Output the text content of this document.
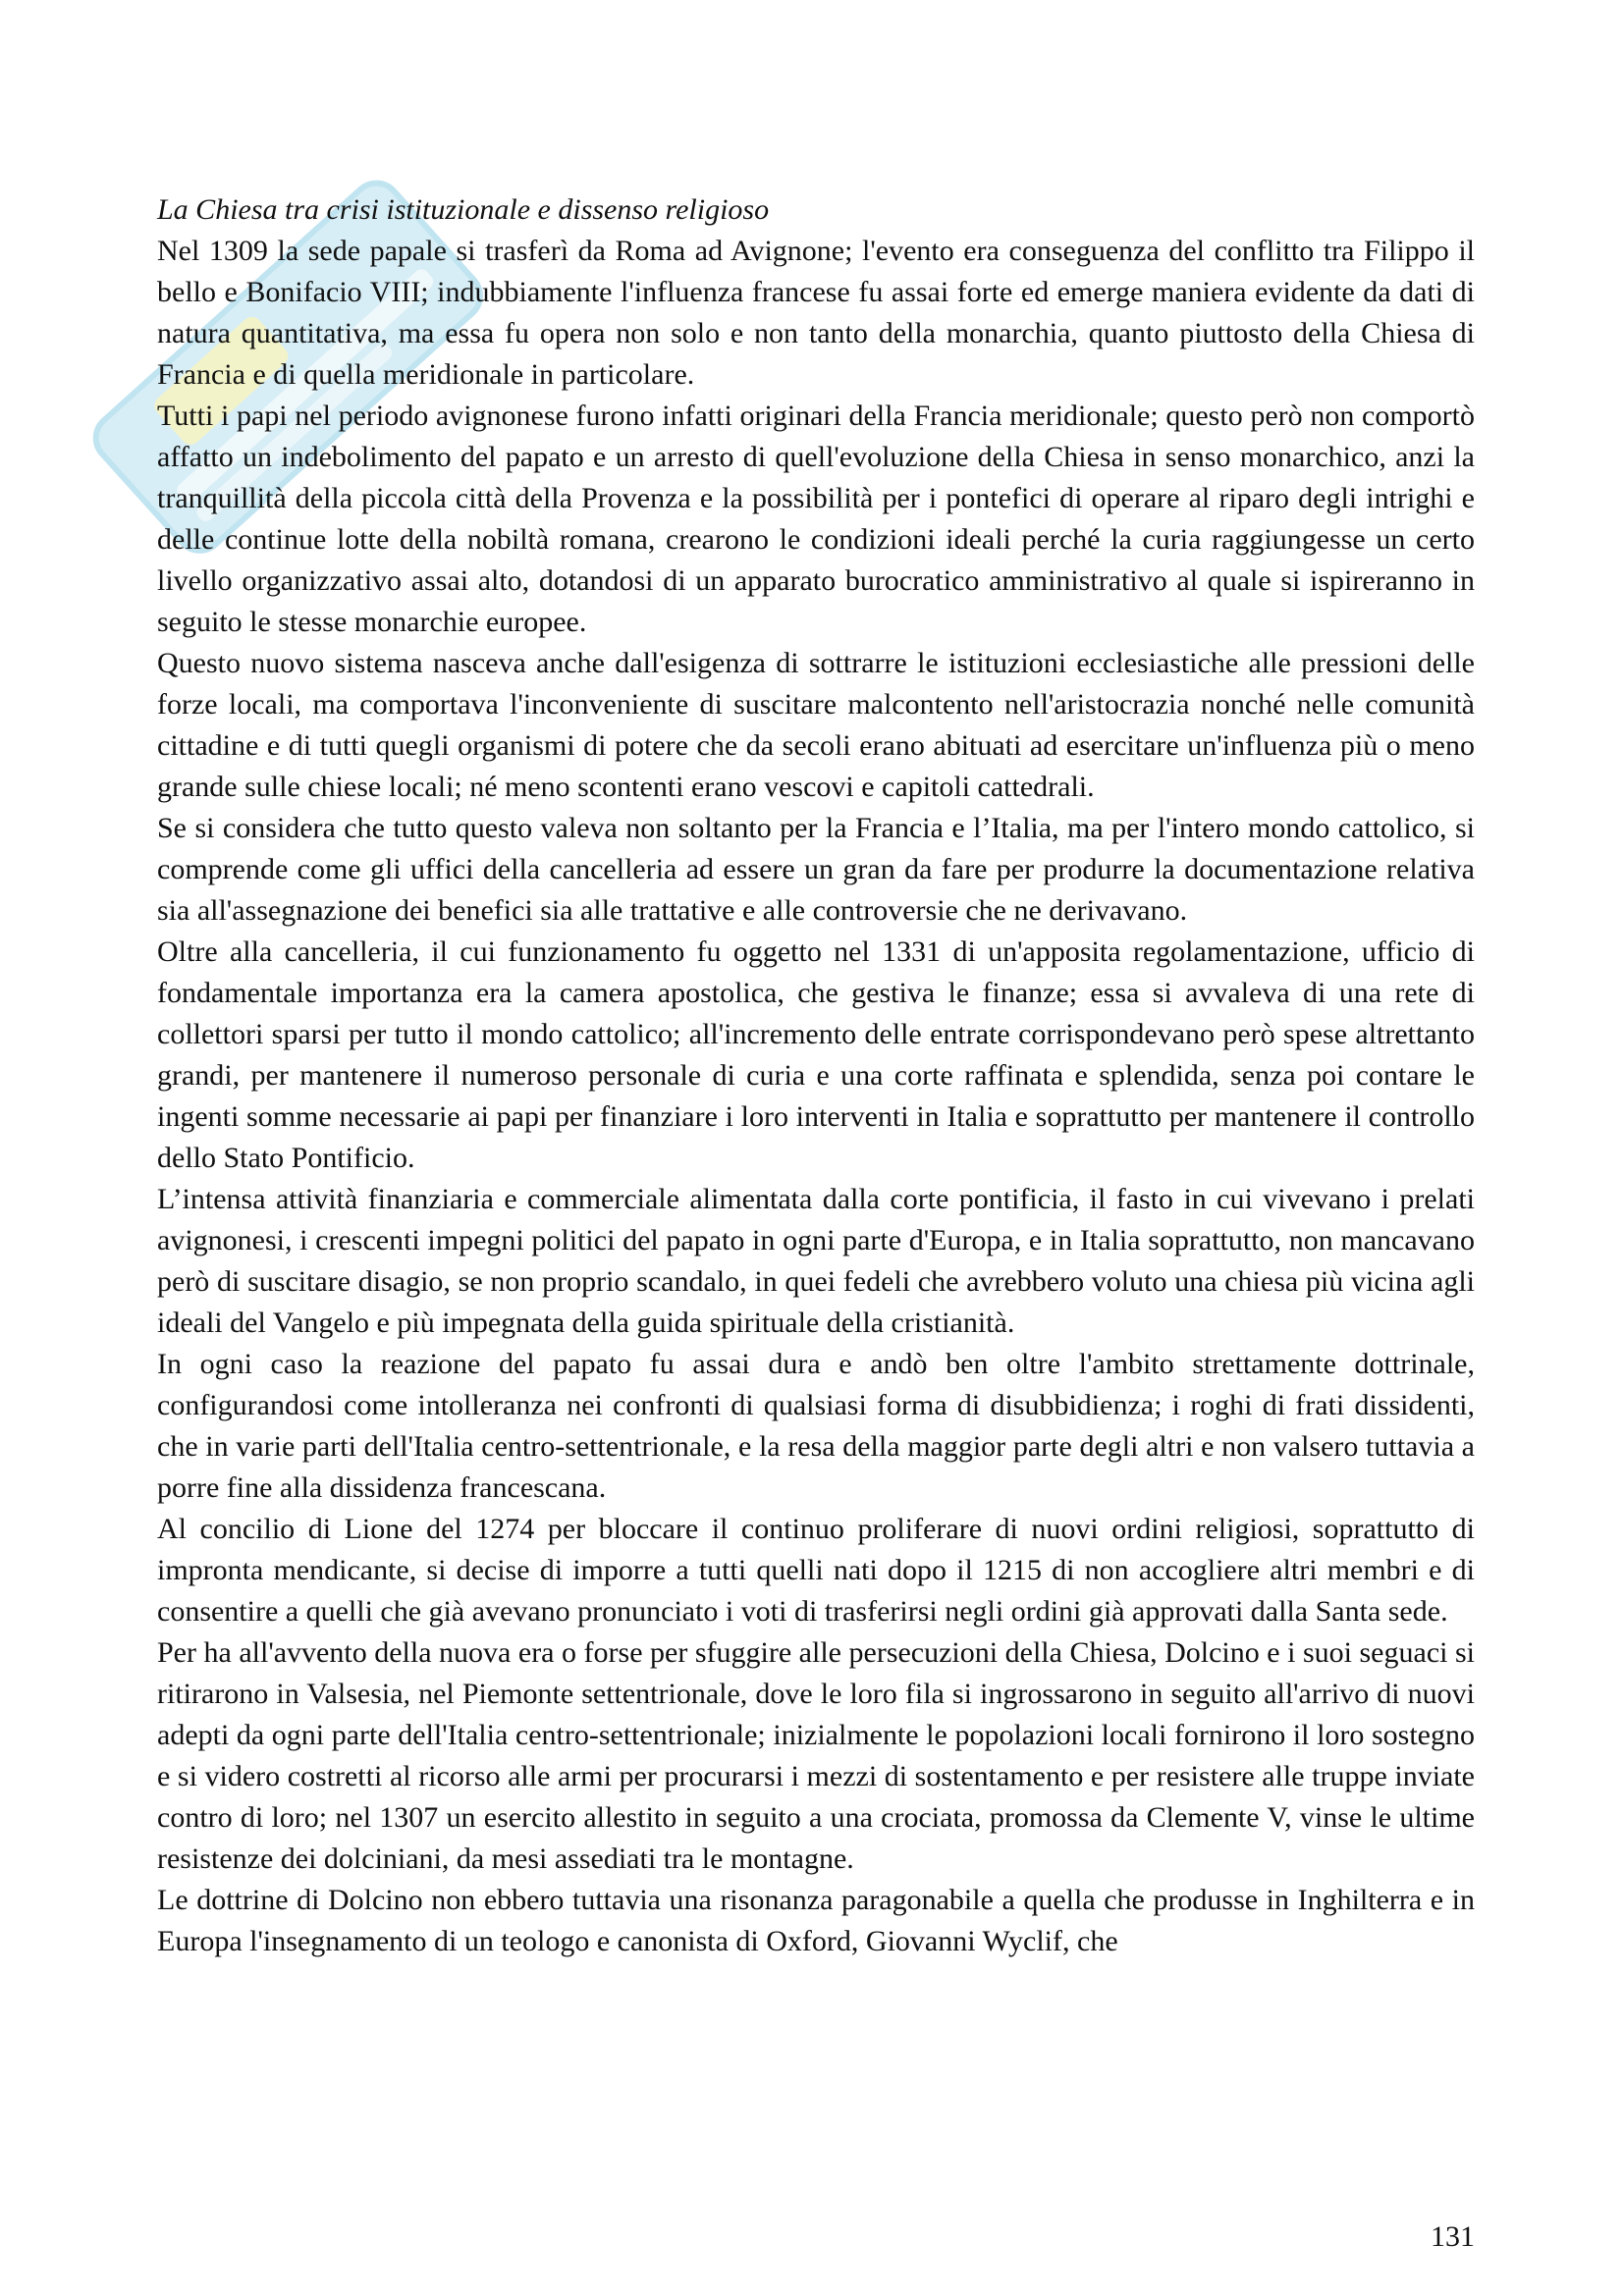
La Chiesa tra crisi istituzionale e dissenso religioso

Nel 1309 la sede papale si trasferì da Roma ad Avignone; l'evento era conseguenza del conflitto tra Filippo il bello e Bonifacio VIII; indubbiamente l'influenza francese fu assai forte ed emerge maniera evidente da dati di natura quantitativa, ma essa fu opera non solo e non tanto della monarchia, quanto piuttosto della Chiesa di Francia e di quella meridionale in particolare.

Tutti i papi nel periodo avignonese furono infatti originari della Francia meridionale; questo però non comportò affatto un indebolimento del papato e un arresto di quell'evoluzione della Chiesa in senso monarchico, anzi la tranquillità della piccola città della Provenza e la possibilità per i pontefici di operare al riparo degli intrighi e delle continue lotte della nobiltà romana, crearono le condizioni ideali perché la curia raggiungesse un certo livello organizzativo assai alto, dotandosi di un apparato burocratico amministrativo al quale si ispireranno in seguito le stesse monarchie europee.

Questo nuovo sistema nasceva anche dall'esigenza di sottrarre le istituzioni ecclesiastiche alle pressioni delle forze locali, ma comportava l'inconveniente di suscitare malcontento nell'aristocrazia nonché nelle comunità cittadine e di tutti quegli organismi di potere che da secoli erano abituati ad esercitare un'influenza più o meno grande sulle chiese locali; né meno scontenti erano vescovi e capitoli cattedrali.

Se si considera che tutto questo valeva non soltanto per la Francia e l’Italia, ma per l'intero mondo cattolico, si comprende come gli uffici della cancelleria ad essere un gran da fare per produrre la documentazione relativa sia all'assegnazione dei benefici sia alle trattative e alle controversie che ne derivavano.

Oltre alla cancelleria, il cui funzionamento fu oggetto nel 1331 di un'apposita regolamentazione, ufficio di fondamentale importanza era la camera apostolica, che gestiva le finanze; essa si avvaleva di una rete di collettori sparsi per tutto il mondo cattolico; all'incremento delle entrate corrispondevano però spese altrettanto grandi, per mantenere il numeroso personale di curia e una corte raffinata e splendida, senza poi contare le ingenti somme necessarie ai papi per finanziare i loro interventi in Italia e soprattutto per mantenere il controllo dello Stato Pontificio.

L’intensa attività finanziaria e commerciale alimentata dalla corte pontificia, il fasto in cui vivevano i prelati avignonesi, i crescenti impegni politici del papato in ogni parte d'Europa, e in Italia soprattutto, non mancavano però di suscitare disagio, se non proprio scandalo, in quei fedeli che avrebbero voluto una chiesa più vicina agli ideali del Vangelo e più impegnata della guida spirituale della cristianità.

In ogni caso la reazione del papato fu assai dura e andò ben oltre l'ambito strettamente dottrinale, configurandosi come intolleranza nei confronti di qualsiasi forma di disubbidienza; i roghi di frati dissidenti, che in varie parti dell'Italia centro-settentrionale, e la resa della maggior parte degli altri e non valsero tuttavia a porre fine alla dissidenza francescana.

Al concilio di Lione del 1274 per bloccare il continuo proliferare di nuovi ordini religiosi, soprattutto di impronta mendicante, si decise di imporre a tutti quelli nati dopo il 1215 di non accogliere altri membri e di consentire a quelli che già avevano pronunciato i voti di trasferirsi negli ordini già approvati dalla Santa sede.

Per ha all'avvento della nuova era o forse per sfuggire alle persecuzioni della Chiesa, Dolcino e i suoi seguaci si ritirarono in Valsesia, nel Piemonte settentrionale, dove le loro fila si ingrossarono in seguito all'arrivo di nuovi adepti da ogni parte dell'Italia centro-settentrionale; inizialmente le popolazioni locali fornirono il loro sostegno e si videro costretti al ricorso alle armi per procurarsi i mezzi di sostentamento e per resistere alle truppe inviate contro di loro; nel 1307 un esercito allestito in seguito a una crociata, promossa da Clemente V, vinse le ultime resistenze dei dolciniani, da mesi assediati tra le montagne.

Le dottrine di Dolcino non ebbero tuttavia una risonanza paragonabile a quella che produsse in Inghilterra e in Europa l'insegnamento di un teologo e canonista di Oxford, Giovanni Wyclif, che

131
